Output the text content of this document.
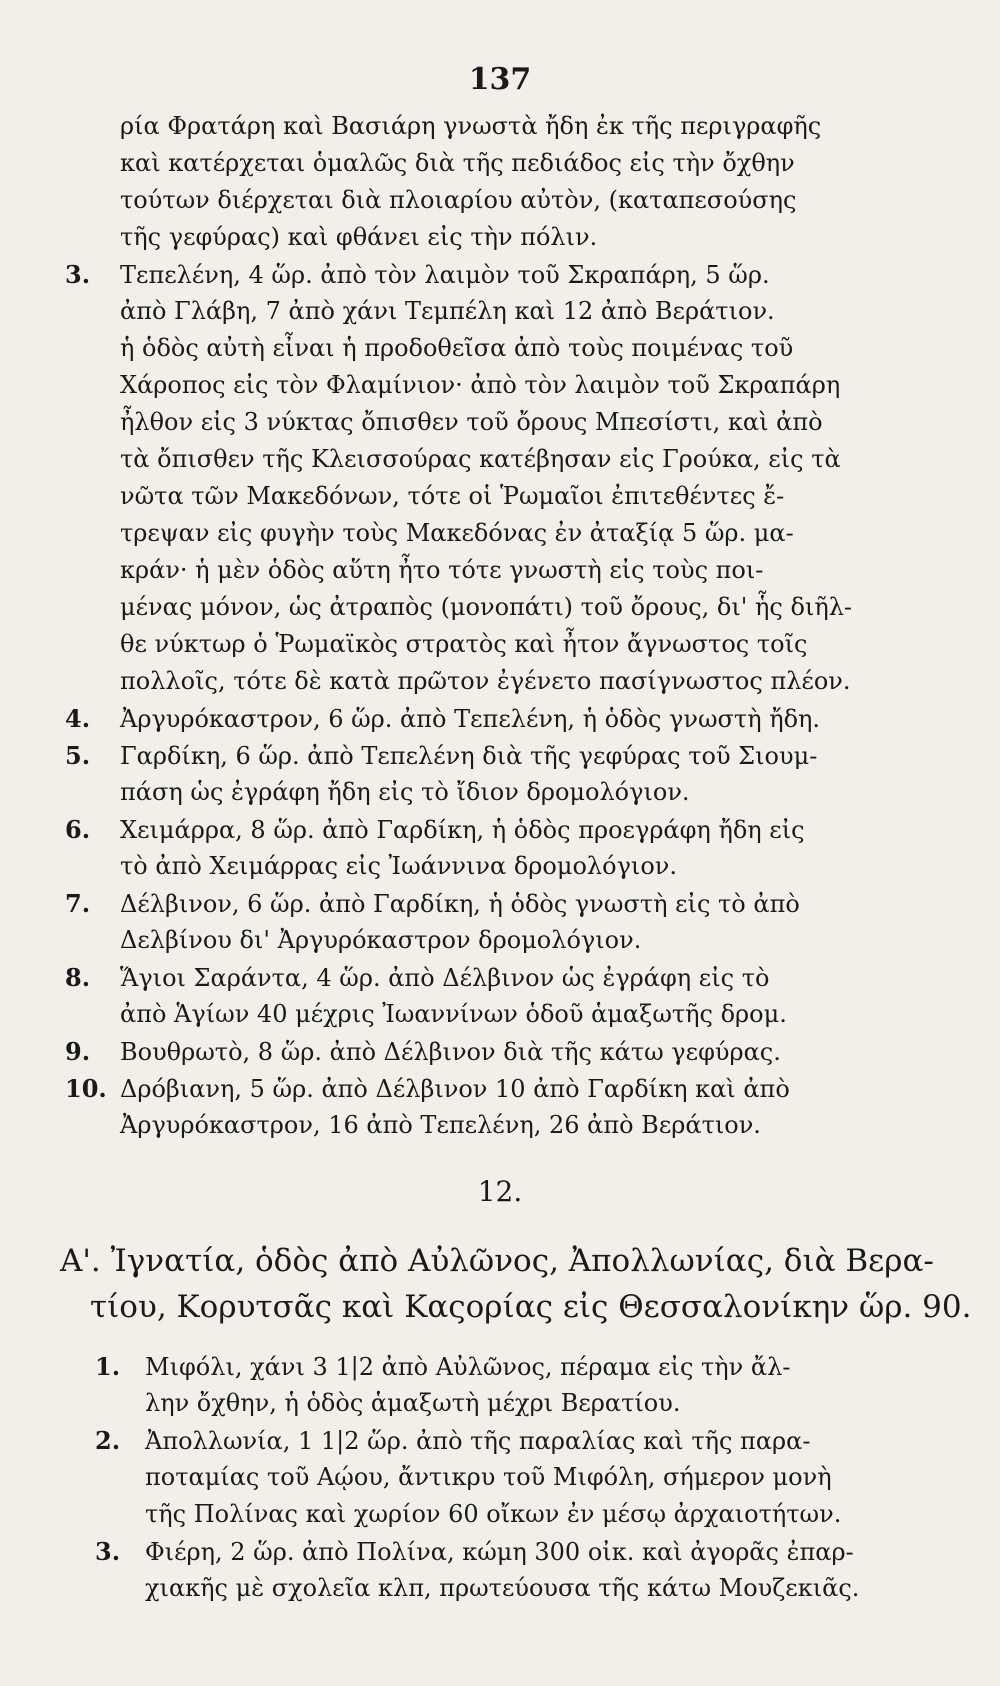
137
ρία Φρατάρη καὶ Βασιάρη γνωστὰ ἤδη ἐκ τῆς περιγραφῆς
καὶ κατέρχεται ὁμαλῶς διὰ τῆς πεδιάδος εἰς τὴν ὄχθην
τούτων διέρχεται διὰ πλοιαρίου αὐτὸν, (καταπεσούσης
τῆς γεφύρας) καὶ φθάνει εἰς τὴν πόλιν.
3. Τεπελένη, 4 ὥρ. ἀπὸ τὸν λαιμὸν τοῦ Σκραπάρη, 5 ὥρ.
ἀπὸ Γλάβη, 7 ἀπὸ χάνι Τεμπέλη καὶ 12 ἀπὸ Βεράτιον.
ἡ ὁδὸς αὐτὴ εἶναι ἡ προδοθεῖσα ἀπὸ τοὺς ποιμένας τοῦ
Χάροπος εἰς τὸν Φλαμίνιον· ἀπὸ τὸν λαιμὸν τοῦ Σκραπάρη
ἦλθον εἰς 3 νύκτας ὄπισθεν τοῦ ὄρους Μπεσίστι, καὶ ἀπὸ
τὰ ὄπισθεν τῆς Κλεισσούρας κατέβησαν εἰς Γρούκα, εἰς τὰ
νῶτα τῶν Μακεδόνων, τότε οἱ Ῥωμαῖοι ἐπιτεθέντες ἔ-
τρεψαν εἰς φυγὴν τοὺς Μακεδόνας ἐν ἀταξίᾳ 5 ὥρ. μα-
κράν· ἡ μὲν ὁδὸς αὕτη ἦτο τότε γνωστὴ εἰς τοὺς ποι-
μένας μόνον, ὡς ἀτραπὸς (μονοπάτι) τοῦ ὄρους, δι' ἧς διῆλ-
θε νύκτωρ ὁ Ῥωμαϊκὸς στρατὸς καὶ ἦτον ἄγνωστος τοῖς
πολλοῖς, τότε δὲ κατὰ πρῶτον ἐγένετο πασίγνωστος πλέον.
4. Ἀργυρόκαστρον, 6 ὥρ. ἀπὸ Τεπελένη, ἡ ὁδὸς γνωστὴ ἤδη.
5. Γαρδίκη, 6 ὥρ. ἀπὸ Τεπελένη διὰ τῆς γεφύρας τοῦ Σιουμ-
πάση ὡς ἐγράφη ἤδη εἰς τὸ ἴδιον δρομολόγιον.
6. Χειμάρρα, 8 ὥρ. ἀπὸ Γαρδίκη, ἡ ὁδὸς προεγράφη ἤδη εἰς
τὸ ἀπὸ Χειμάρρας εἰς Ἰωάννινα δρομολόγιον.
7. Δέλβινον, 6 ὥρ. ἀπὸ Γαρδίκη, ἡ ὁδὸς γνωστὴ εἰς τὸ ἀπὸ
Δελβίνου δι' Ἀργυρόκαστρον δρομολόγιον.
8. Ἅγιοι Σαράντα, 4 ὥρ. ἀπὸ Δέλβινον ὡς ἐγράφη εἰς τὸ
ἀπὸ Ἁγίων 40 μέχρις Ἰωαννίνων ὁδοῦ ἁμαξωτῆς δρομ.
9. Βουθρωτὸ, 8 ὥρ. ἀπὸ Δέλβινον διὰ τῆς κάτω γεφύρας.
10. Δρόβιανη, 5 ὥρ. ἀπὸ Δέλβινον 10 ἀπὸ Γαρδίκη καὶ ἀπὸ
Ἀργυρόκαστρον, 16 ἀπὸ Τεπελένη, 26 ἀπὸ Βεράτιον.
12.
Α'. Ἰγνατία, ὁδὸς ἀπὸ Αὐλῶνος, Ἀπολλωνίας, διὰ Βερα-
τίου, Κορυτσᾶς καὶ Καςορίας εἰς Θεσσαλονίκην ὥρ. 90.
1. Μιφόλι, χάνι 3 1|2 ἀπὸ Αὐλῶνος, πέραμα εἰς τὴν ἄλ-
λην ὄχθην, ἡ ὁδὸς ἁμαξωτὴ μέχρι Βερατίου.
2. Ἀπολλωνία, 1 1|2 ὥρ. ἀπὸ τῆς παραλίας καὶ τῆς παρα-
ποταμίας τοῦ Αῴου, ἄντικρυ τοῦ Μιφόλη, σήμερον μονὴ
τῆς Πολίνας καὶ χωρίον 60 οἴκων ἐν μέσῳ ἀρχαιοτήτων.
3. Φιέρη, 2 ὥρ. ἀπὸ Πολίνα, κώμη 300 οἰκ. καὶ ἀγορᾶς ἐπαρ-
χιακῆς μὲ σχολεῖα κλπ, πρωτεύουσα τῆς κάτω Μουζεκιᾶς.
